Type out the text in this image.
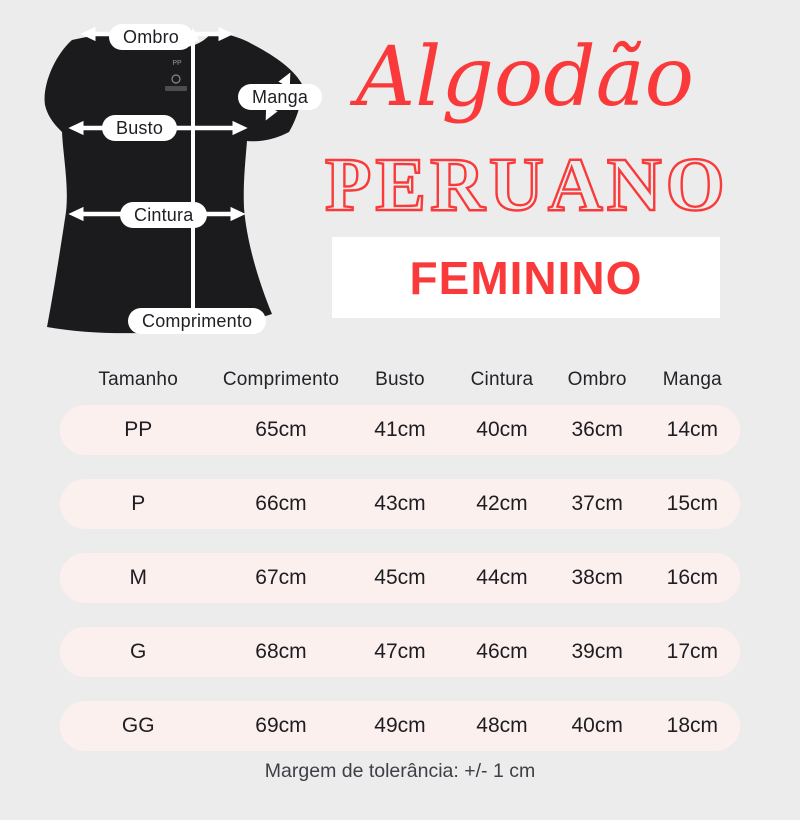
PP
Ombro
Manga
Busto
Cintura
Comprimento
Algodão
PERUANO
FEMININO
Tamanho	Comprimento	Busto	Cintura	Ombro	Manga
PP	65cm	41cm	40cm	36cm	14cm
P	66cm	43cm	42cm	37cm	15cm
M	67cm	45cm	44cm	38cm	16cm
G	68cm	47cm	46cm	39cm	17cm
GG	69cm	49cm	48cm	40cm	18cm
Margem de tolerância: +/- 1 cm
